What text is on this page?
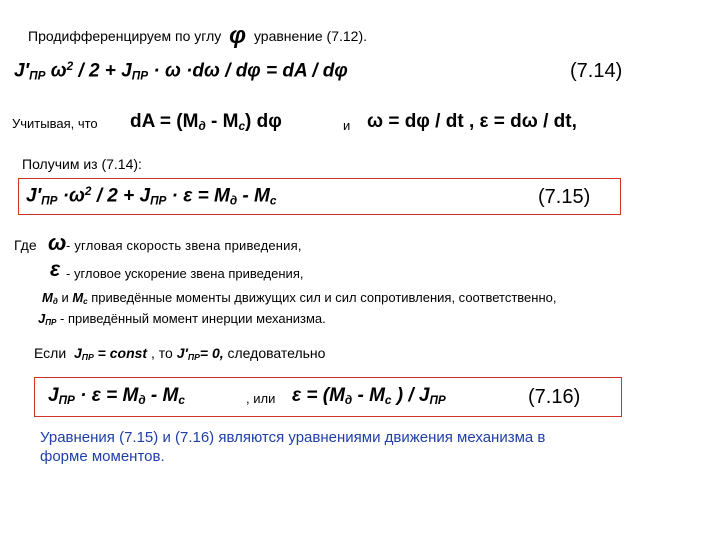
Продифференцируем по углу φ уравнение (7.12).
$J'_{ПР}$ $\omega^2 / 2 + J_{ПР} \cdot \omega \cdot d\omega / d\varphi$ = dA / dφ	(7.14)
Учитывая, что dA = $(M_д - M_с)$ dφ	и ω = dφ / dt , ε = dω / dt,
Получим из (7.14):
$J'_{ПР} \cdot\omega^2 / 2 + J_{ПР} \cdot \varepsilon = M_д - M_с$	(7.15)
Где ω - угловая скорость звена приведения,
ε - угловое ускорение звена приведения,
$M_д$ и $M_с$ приведённые моменты движущих сил и сил сопротивления, соответственно,
$J_{ПР}$ - приведённый момент инерции механизма.
Если  $J_{ПР}$ = const , то $J'_{ПР}= 0$, следовательно
$J_{ПР} \cdot \varepsilon = M_д - M_с$	, или $\varepsilon = (M_д - M_с$ ) / $J_{ПР}$	(7.16)
Уравнения (7.15) и (7.16) являются уравнениями движения механизма в
форме моментов.
